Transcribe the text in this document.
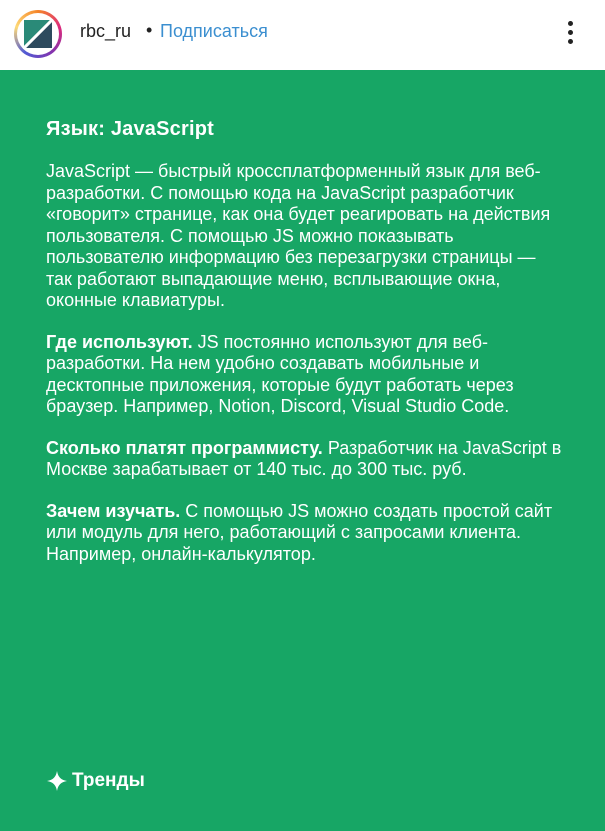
rbc_ru • Подписаться
Язык: JavaScript

JavaScript — быстрый кроссплатформенный язык для веб-разработки. С помощью кода на JavaScript разработчик «говорит» странице, как она будет реагировать на действия пользователя. С помощью JS можно показывать пользователю информацию без перезагрузки страницы — так работают выпадающие меню, всплывающие окна, оконные клавиатуры.

Где используют. JS постоянно используют для веб-разработки. На нем удобно создавать мобильные и десктопные приложения, которые будут работать через браузер. Например, Notion, Discord, Visual Studio Code.

Сколько платят программисту. Разработчик на JavaScript в Москве зарабатывает от 140 тыс. до 300 тыс. руб.

Зачем изучать. С помощью JS можно создать простой сайт или модуль для него, работающий с запросами клиента. Например, онлайн-калькулятор.

Тренды
